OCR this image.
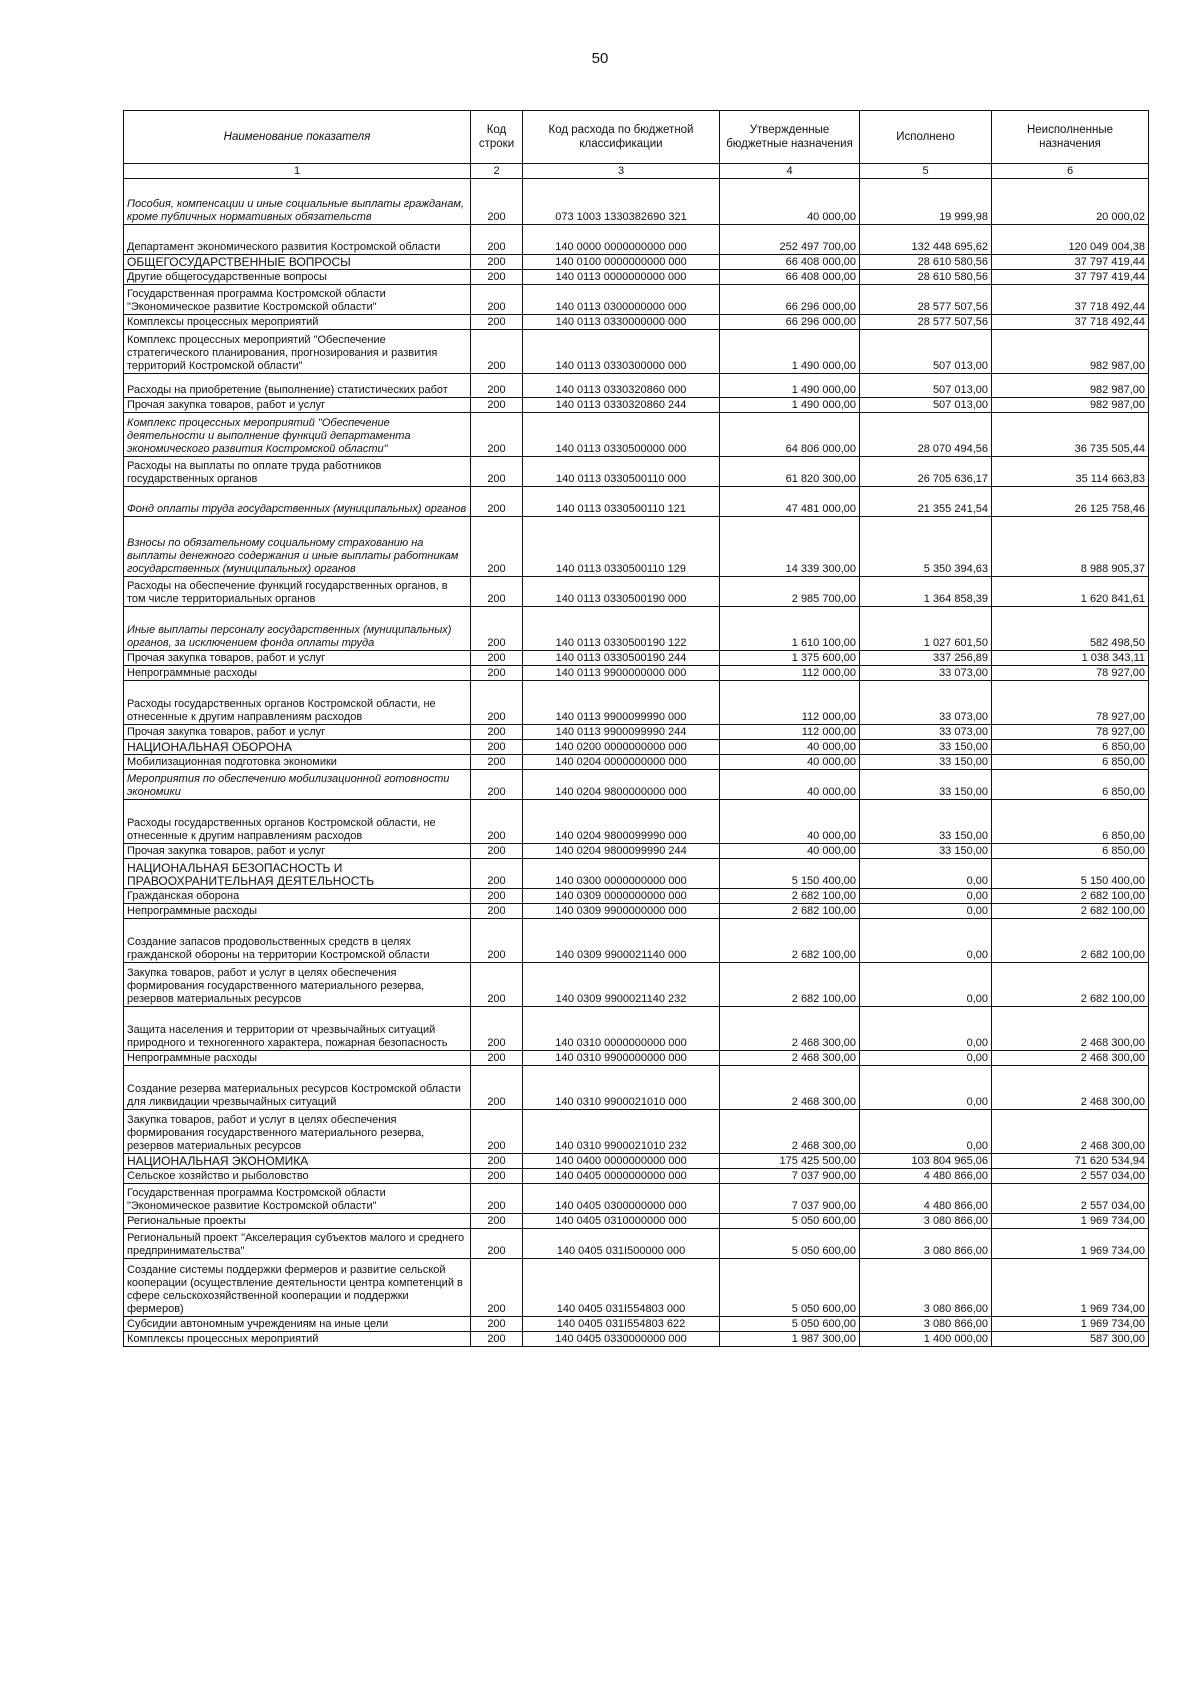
50
Наименование показателя	Код строки	Код расхода по бюджетной классификации	Утвержденные бюджетные назначения	Исполнено	Неисполненные назначения
1	2	3	4	5	6
Пособия, компенсации и иные социальные выплаты гражданам, кроме публичных нормативных обязательств	200	073 1003 1330382690 321	40 000,00	19 999,98	20 000,02
Департамент экономического развития Костромской области	200	140 0000 0000000000 000	252 497 700,00	132 448 695,62	120 049 004,38
ОБЩЕГОСУДАРСТВЕННЫЕ ВОПРОСЫ	200	140 0100 0000000000 000	66 408 000,00	28 610 580,56	37 797 419,44
Другие общегосударственные вопросы	200	140 0113 0000000000 000	66 408 000,00	28 610 580,56	37 797 419,44
Государственная программа Костромской области "Экономическое развитие Костромской области"	200	140 0113 0300000000 000	66 296 000,00	28 577 507,56	37 718 492,44
Комплексы процессных мероприятий	200	140 0113 0330000000 000	66 296 000,00	28 577 507,56	37 718 492,44
Комплекс процессных мероприятий "Обеспечение стратегического планирования, прогнозирования и развития территорий Костромской области"	200	140 0113 0330300000 000	1 490 000,00	507 013,00	982 987,00
Расходы на приобретение (выполнение) статистических работ	200	140 0113 0330320860 000	1 490 000,00	507 013,00	982 987,00
Прочая закупка товаров, работ и услуг	200	140 0113 0330320860 244	1 490 000,00	507 013,00	982 987,00
Комплекс процессных мероприятий "Обеспечение деятельности и выполнение функций департамента экономического развития Костромской области"	200	140 0113 0330500000 000	64 806 000,00	28 070 494,56	36 735 505,44
Расходы на выплаты по оплате труда работников государственных органов	200	140 0113 0330500110 000	61 820 300,00	26 705 636,17	35 114 663,83
Фонд оплаты труда государственных (муниципальных) органов	200	140 0113 0330500110 121	47 481 000,00	21 355 241,54	26 125 758,46
Взносы по обязательному социальному страхованию на выплаты денежного содержания и иные выплаты работникам государственных (муниципальных) органов	200	140 0113 0330500110 129	14 339 300,00	5 350 394,63	8 988 905,37
Расходы на обеспечение функций государственных органов, в том числе территориальных органов	200	140 0113 0330500190 000	2 985 700,00	1 364 858,39	1 620 841,61
Иные выплаты персоналу государственных (муниципальных) органов, за исключением фонда оплаты труда	200	140 0113 0330500190 122	1 610 100,00	1 027 601,50	582 498,50
Прочая закупка товаров, работ и услуг	200	140 0113 0330500190 244	1 375 600,00	337 256,89	1 038 343,11
Непрограммные расходы	200	140 0113 9900000000 000	112 000,00	33 073,00	78 927,00
Расходы государственных органов Костромской области, не отнесенные к другим направлениям расходов	200	140 0113 9900099990 000	112 000,00	33 073,00	78 927,00
Прочая закупка товаров, работ и услуг	200	140 0113 9900099990 244	112 000,00	33 073,00	78 927,00
НАЦИОНАЛЬНАЯ ОБОРОНА	200	140 0200 0000000000 000	40 000,00	33 150,00	6 850,00
Мобилизационная подготовка экономики	200	140 0204 0000000000 000	40 000,00	33 150,00	6 850,00
Мероприятия по обеспечению мобилизационной готовности экономики	200	140 0204 9800000000 000	40 000,00	33 150,00	6 850,00
Расходы государственных органов Костромской области, не отнесенные к другим направлениям расходов	200	140 0204 9800099990 000	40 000,00	33 150,00	6 850,00
Прочая закупка товаров, работ и услуг	200	140 0204 9800099990 244	40 000,00	33 150,00	6 850,00
НАЦИОНАЛЬНАЯ БЕЗОПАСНОСТЬ И ПРАВООХРАНИТЕЛЬНАЯ ДЕЯТЕЛЬНОСТЬ	200	140 0300 0000000000 000	5 150 400,00	0,00	5 150 400,00
Гражданская оборона	200	140 0309 0000000000 000	2 682 100,00	0,00	2 682 100,00
Непрограммные расходы	200	140 0309 9900000000 000	2 682 100,00	0,00	2 682 100,00
Создание запасов продовольственных средств в целях гражданской обороны на территории Костромской области	200	140 0309 9900021140 000	2 682 100,00	0,00	2 682 100,00
Закупка товаров, работ и услуг в целях обеспечения формирования государственного материального резерва, резервов материальных ресурсов	200	140 0309 9900021140 232	2 682 100,00	0,00	2 682 100,00
Защита населения и территории от чрезвычайных ситуаций природного и техногенного характера, пожарная безопасность	200	140 0310 0000000000 000	2 468 300,00	0,00	2 468 300,00
Непрограммные расходы	200	140 0310 9900000000 000	2 468 300,00	0,00	2 468 300,00
Создание резерва материальных ресурсов Костромской области для ликвидации чрезвычайных ситуаций	200	140 0310 9900021010 000	2 468 300,00	0,00	2 468 300,00
Закупка товаров, работ и услуг в целях обеспечения формирования государственного материального резерва, резервов материальных ресурсов	200	140 0310 9900021010 232	2 468 300,00	0,00	2 468 300,00
НАЦИОНАЛЬНАЯ ЭКОНОМИКА	200	140 0400 0000000000 000	175 425 500,00	103 804 965,06	71 620 534,94
Сельское хозяйство и рыболовство	200	140 0405 0000000000 000	7 037 900,00	4 480 866,00	2 557 034,00
Государственная программа Костромской области "Экономическое развитие Костромской области"	200	140 0405 0300000000 000	7 037 900,00	4 480 866,00	2 557 034,00
Региональные проекты	200	140 0405 0310000000 000	5 050 600,00	3 080 866,00	1 969 734,00
Региональный проект "Акселерация субъектов малого и среднего предпринимательства"	200	140 0405 031I500000 000	5 050 600,00	3 080 866,00	1 969 734,00
Создание системы поддержки фермеров и развитие сельской кооперации (осуществление деятельности центра компетенций в сфере сельскохозяйственной кооперации и поддержки фермеров)	200	140 0405 031I554803 000	5 050 600,00	3 080 866,00	1 969 734,00
Субсидии автономным учреждениям на иные цели	200	140 0405 031I554803 622	5 050 600,00	3 080 866,00	1 969 734,00
Комплексы процессных мероприятий	200	140 0405 0330000000 000	1 987 300,00	1 400 000,00	587 300,00
